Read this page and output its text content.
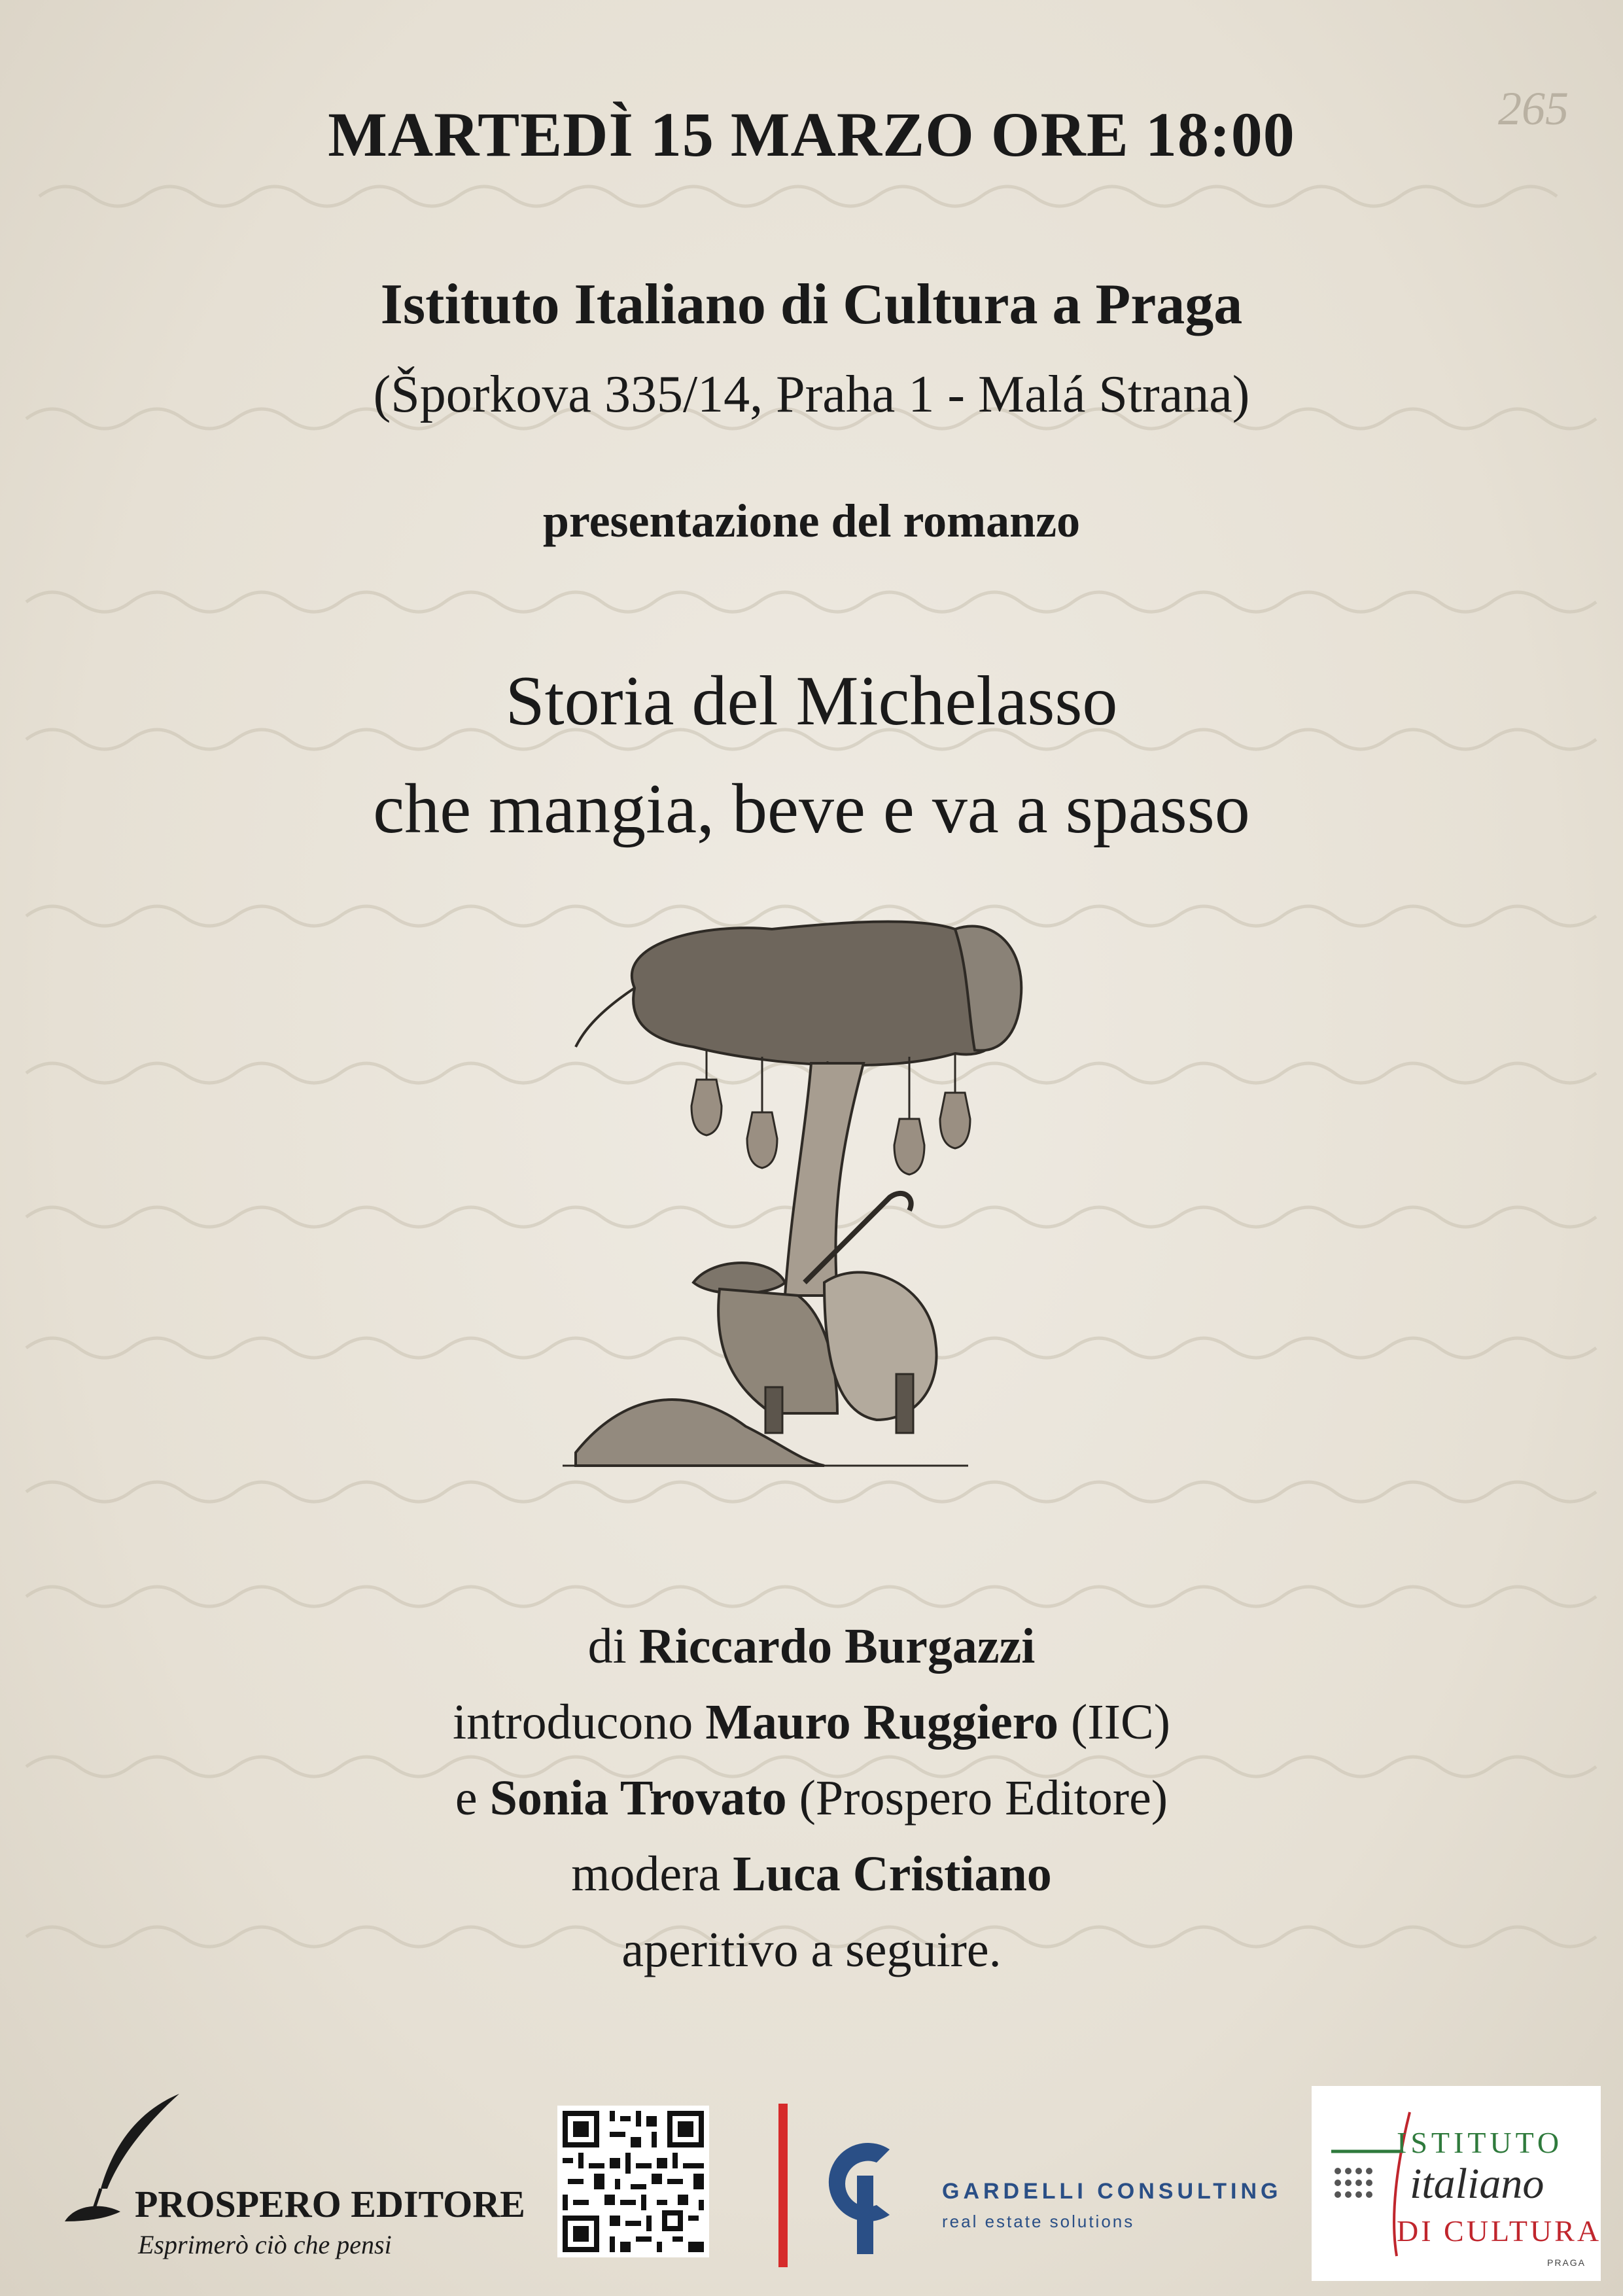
265
MARTEDÌ 15 MARZO ORE 18:00
Istituto Italiano di Cultura a Praga
(Šporkova 335/14, Praha 1 - Malá Strana)
presentazione del romanzo
Storia del Michelasso
che mangia, beve e va a spasso
di Riccardo Burgazzi
introducono Mauro Ruggiero (IIC)
e Sonia Trovato (Prospero Editore)
modera Luca Cristiano
aperitivo a seguire.
PROSPERO EDITORE
Esprimerò ciò che pensi
GARDELLI CONSULTING
real estate solutions
ISTITUTO
italiano
DI CULTURA
PRAGA
